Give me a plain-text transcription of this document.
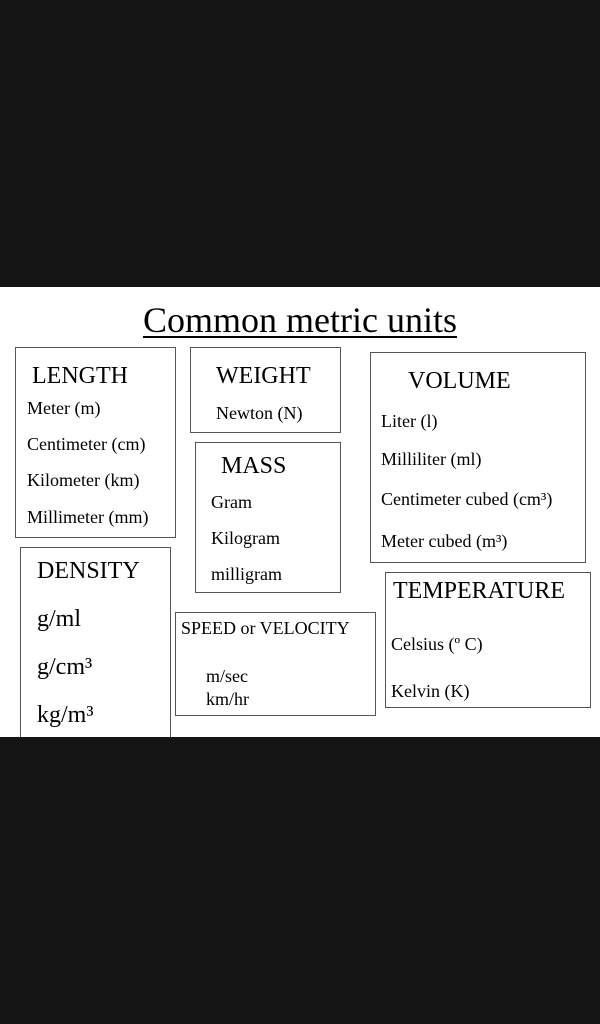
Common metric units
LENGTH
Meter (m)
Centimeter (cm)
Kilometer (km)
Millimeter (mm)
WEIGHT
Newton (N)
VOLUME
Liter (l)
Milliliter (ml)
Centimeter cubed (cm³)
Meter cubed (m³)
MASS
Gram
Kilogram
milligram
DENSITY
g/ml
g/cm³
kg/m³
SPEED or VELOCITY
m/sec
km/hr
TEMPERATURE
Celsius (º C)
Kelvin (K)
